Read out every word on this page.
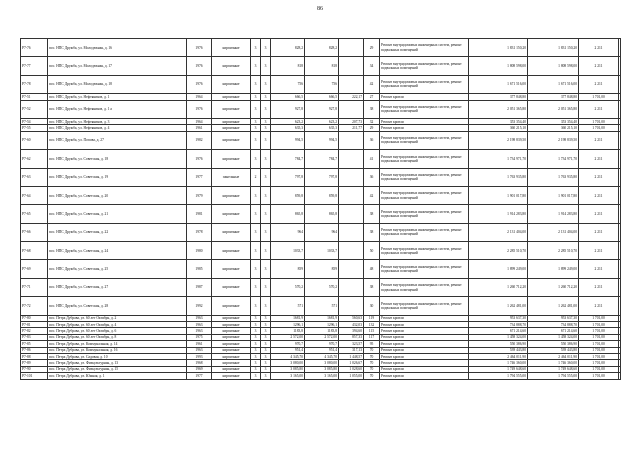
86
Р7-76	пос. НПС Дружба, ул. Молодежная, д. 16	1976	кирпичные	3	3	828,2	828,2		29	Ремонт внутридомовых инженерных систем, ремонт подвальных помещений	1 831 150,20	1 831 150,20	2 211	
Р7-77	пос. НПС Дружба, ул. Молодежная, д. 17	1976	кирпичные	3	3	818	818		34	Ремонт внутридомовых инженерных систем, ремонт подвальных помещений	1 808 598,00	1 808 598,00	2 211	
Р7-78	пос. НПС Дружба, ул. Молодежная, д. 18	1976	кирпичные	3	3	756	756		42	Ремонт внутридомовых инженерных систем, ремонт подвальных помещений	1 671 516,00	1 671 516,00	2 211	
Р7-51	пос. НПС Дружба, ул. Нефтяников, д. 1	1964	кирпичные	3	3	666,5	666,5	222,17	27	Ремонт кровли	377 848,80	377 848,80	1 701,00	
Р7-52	пос. НПС Дружба, ул. Нефтяников, д. 1 а	1976	кирпичные	3	3	927,8	927,8		38	Ремонт внутридомовых инженерных систем, ремонт подвальных помещений	2 051 365,80	2 051 365,80	2 211	
Р7-54	пос. НПС Дружба, ул. Нефтяников, д. 3	1964	кирпичные	3	3	623,2	623,2	207,73	32	Ремонт кровли	353 354,40	353 354,40	1 701,00	
Р7-55	пос. НПС Дружба, ул. Нефтяников, д. 4	1961	кирпичные	3	3	635,3	635,3	211,77	29	Ремонт кровли	360 215,10	360 215,10	1 701,00	
Р7-60	пос. НПС Дружба, ул. Попова, д. 27	1982	кирпичные	3	3	994,5	994,5		36	Ремонт внутридомовых инженерных систем, ремонт подвальных помещений	2 198 839,50	2 198 839,50	2 211	
Р7-62	пос. НПС Дружба, ул. Советская, д. 18	1976	кирпичные	3	3	784,7	784,7		41	Ремонт внутридомовых инженерных систем, ремонт подвальных помещений	1 734 971,70	1 734 971,70	2 211	
Р7-63	пос. НПС Дружба, ул. Советская, д. 19	1977	панельные	2	3	797,8	797,8		36	Ремонт внутридомовых инженерных систем, ремонт подвальных помещений	1 763 935,80	1 763 935,80	2 211	
Р7-64	пос. НПС Дружба, ул. Советская, д. 20	1979	кирпичные	3	3	859,8	859,8		42	Ремонт внутридомовых инженерных систем, ремонт подвальных помещений	1 901 017,80	1 901 017,80	2 211	
Р7-65	пос. НПС Дружба, ул. Советская, д. 21	1981	кирпичные	3	3	865,8	865,8		38	Ремонт внутридомовых инженерных систем, ремонт подвальных помещений	1 914 283,80	1 914 283,80	2 211	
Р7-66	пос. НПС Дружба, ул. Советская, д. 22	1978	кирпичные	3	3	964	964		38	Ремонт внутридомовых инженерных систем, ремонт подвальных помещений	2 131 404,00	2 131 404,00	2 211	
Р7-68	пос. НПС Дружба, ул. Советская, д. 24	1980	кирпичные	3	3	1033,7	1033,7		50	Ремонт внутридомовых инженерных систем, ремонт подвальных помещений	2 285 510,70	2 285 510,70	2 211	
Р7-69	пос. НПС Дружба, ул. Советская, д. 25	1985	кирпичные	3	3	859	859		48	Ремонт внутридомовых инженерных систем, ремонт подвальных помещений	1 899 249,00	1 899 249,00	2 211	
Р7-71	пос. НПС Дружба, ул. Советская, д. 27	1987	кирпичные	3	3	570,2	570,2		38	Ремонт внутридомовых инженерных систем, ремонт подвальных помещений	1 260 712,20	1 260 712,20	2 211	
Р7-72	пос. НПС Дружба, ул. Советская, д. 28	1992	кирпичные	3	3	571	571		30	Ремонт внутридомовых инженерных систем, ремонт подвальных помещений	1 262 481,00	1 262 481,00	2 211	
Р7-80	пос. Петра Дубрава, ул. 60 лет Октября, д. 2	1963	кирпичные	3	3	1681,9	1681,9	560,63	119	Ремонт кровли	953 637,30	953 637,30	1 701,00	
Р7-81	пос. Петра Дубрава, ул. 60 лет Октября, д. 4	1963	кирпичные	3	3	1296,1	1296,1	432,03	132	Ремонт кровли	734 888,70	734 888,70	1 701,00	
Р7-82	пос. Петра Дубрава, ул. 60 лет Октября, д. 6	1963	кирпичные	3	3	1183,8	1183,8	394,60	115	Ремонт кровли	671 214,60	671 214,60	1 701,00	
Р7-83	пос. Петра Дубрава, ул. 60 лет Октября, д. 8	1975	кирпичные	3	3	2 572,00	2 572,00	857,33	117	Ремонт кровли	1 458 324,00	1 458 324,00	1 701,00	
Р7-85	пос. Петра Дубрава, ул. Коммунальная, д. 14	1961	кирпичные	3	3	970,7	970,7	323,57	95	Ремонт кровли	550 386,90	550 386,90	1 701,00	
Р7-86	пос. Петра Дубрава, ул. Коммунальная, д. 16	1963	кирпичные	3	3	951,4	951,4	317,13	70	Ремонт кровли	539 443,80	539 443,80	1 701,00	
Р7-88	пос. Петра Дубрава, ул. Садовая, д. 10	1993	кирпичные	3	3	4 345,70	4 345,70	1 448,57	70	Ремонт кровли	2 464 011,90	2 464 011,90	1 701,00	
Р7-89	пос. Петра Дубрава, ул. Физкультурная, д. 13	1968	кирпичные	3	3	3 080,00	3 080,00	1 026,67	70	Ремонт кровли	1 746 360,00	1 746 360,00	1 701,00	
Р7-90	пос. Петра Дубрава, ул. Физкультурная, д. 15	1969	кирпичные	3	3	3 085,80	3 085,80	1 028,60	70	Ремонт кровли	1 749 648,60	1 749 648,60	1 701,00	
Р7-101	пос. Петра Дубрава, ул. Южная, д. 1	1977	кирпичные	3	3	3 165,00	3 165,00	1 055,00	70	Ремонт кровли	1 794 555,00	1 794 555,00	1 701,00	
